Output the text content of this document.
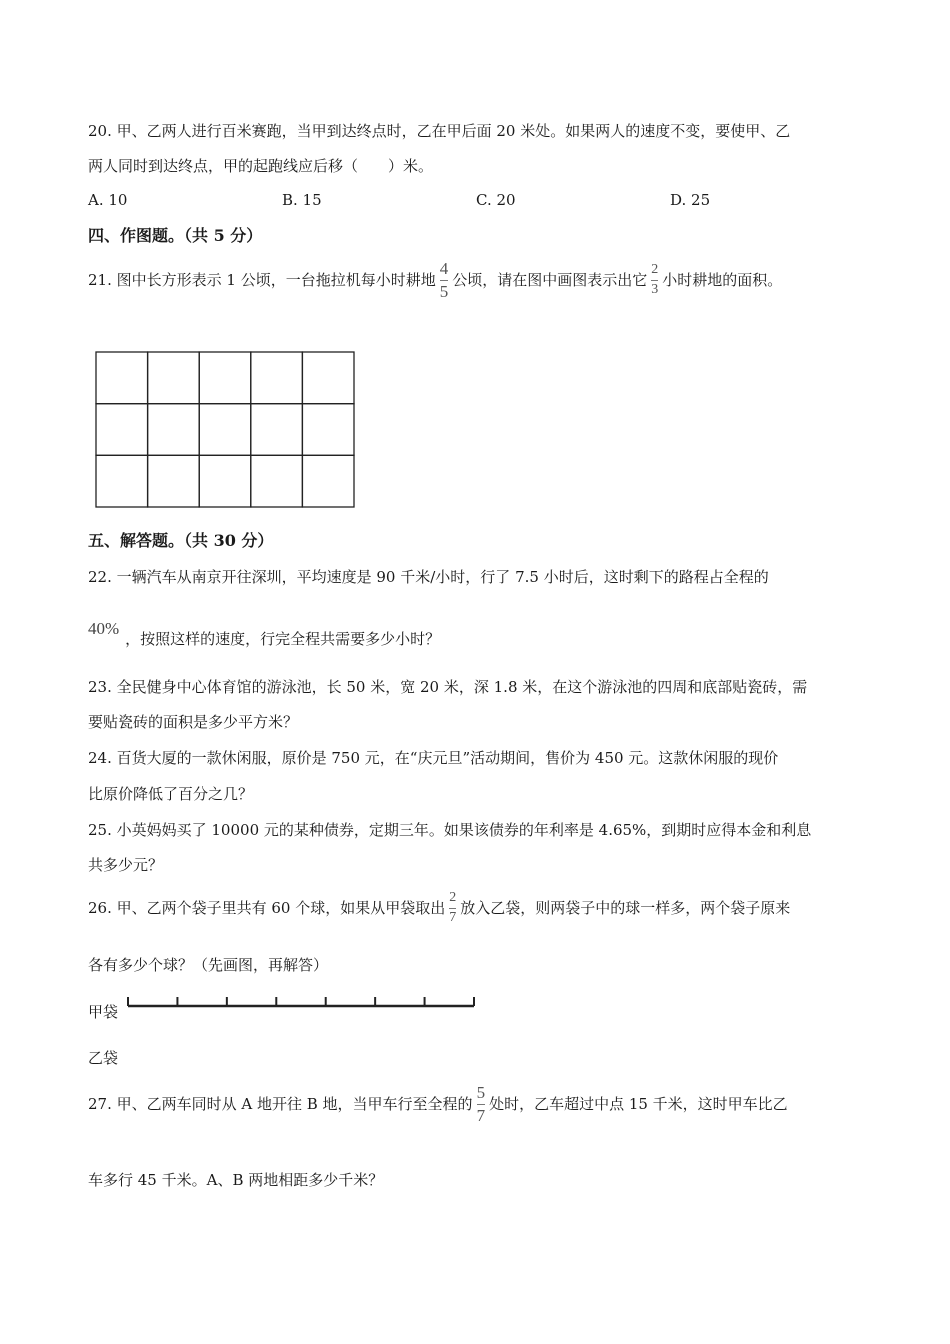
20. 甲、乙两人进行百米赛跑，当甲到达终点时，乙在甲后面 20 米处。如果两人的速度不变，要使甲、乙
两人同时到达终点，甲的起跑线应后移（　　）米。
A. 10	B. 15	C. 20	D. 25
四、作图题。（共 5 分）
21. 图中长方形表示 1 公顷，一台拖拉机每小时耕地 $\frac{4}{5}$ 公顷，请在图中画图表示出它 $\frac{2}{3}$ 小时耕地的面积。
五、解答题。（共 30 分）
22. 一辆汽车从南京开往深圳，平均速度是 90 千米/小时，行了 7.5 小时后，这时剩下的路程占全程的
40%，按照这样的速度，行完全程共需要多少小时？
23. 全民健身中心体育馆的游泳池，长 50 米，宽 20 米，深 1.8 米，在这个游泳池的四周和底部贴瓷砖，需
要贴瓷砖的面积是多少平方米？
24. 百货大厦的一款休闲服，原价是 750 元，在“庆元旦”活动期间，售价为 450 元。这款休闲服的现价
比原价降低了百分之几？
25. 小英妈妈买了 10000 元的某种债券，定期三年。如果该债券的年利率是 4.65%，到期时应得本金和利息
共多少元？
26. 甲、乙两个袋子里共有 60 个球，如果从甲袋取出 $\frac{2}{7}$ 放入乙袋，则两袋子中的球一样多，两个袋子原来
各有多少个球？（先画图，再解答）
甲袋
乙袋
27. 甲、乙两车同时从 A 地开往 B 地，当甲车行至全程的 $\frac{5}{7}$ 处时，乙车超过中点 15 千米，这时甲车比乙
车多行 45 千米。A、B 两地相距多少千米？
